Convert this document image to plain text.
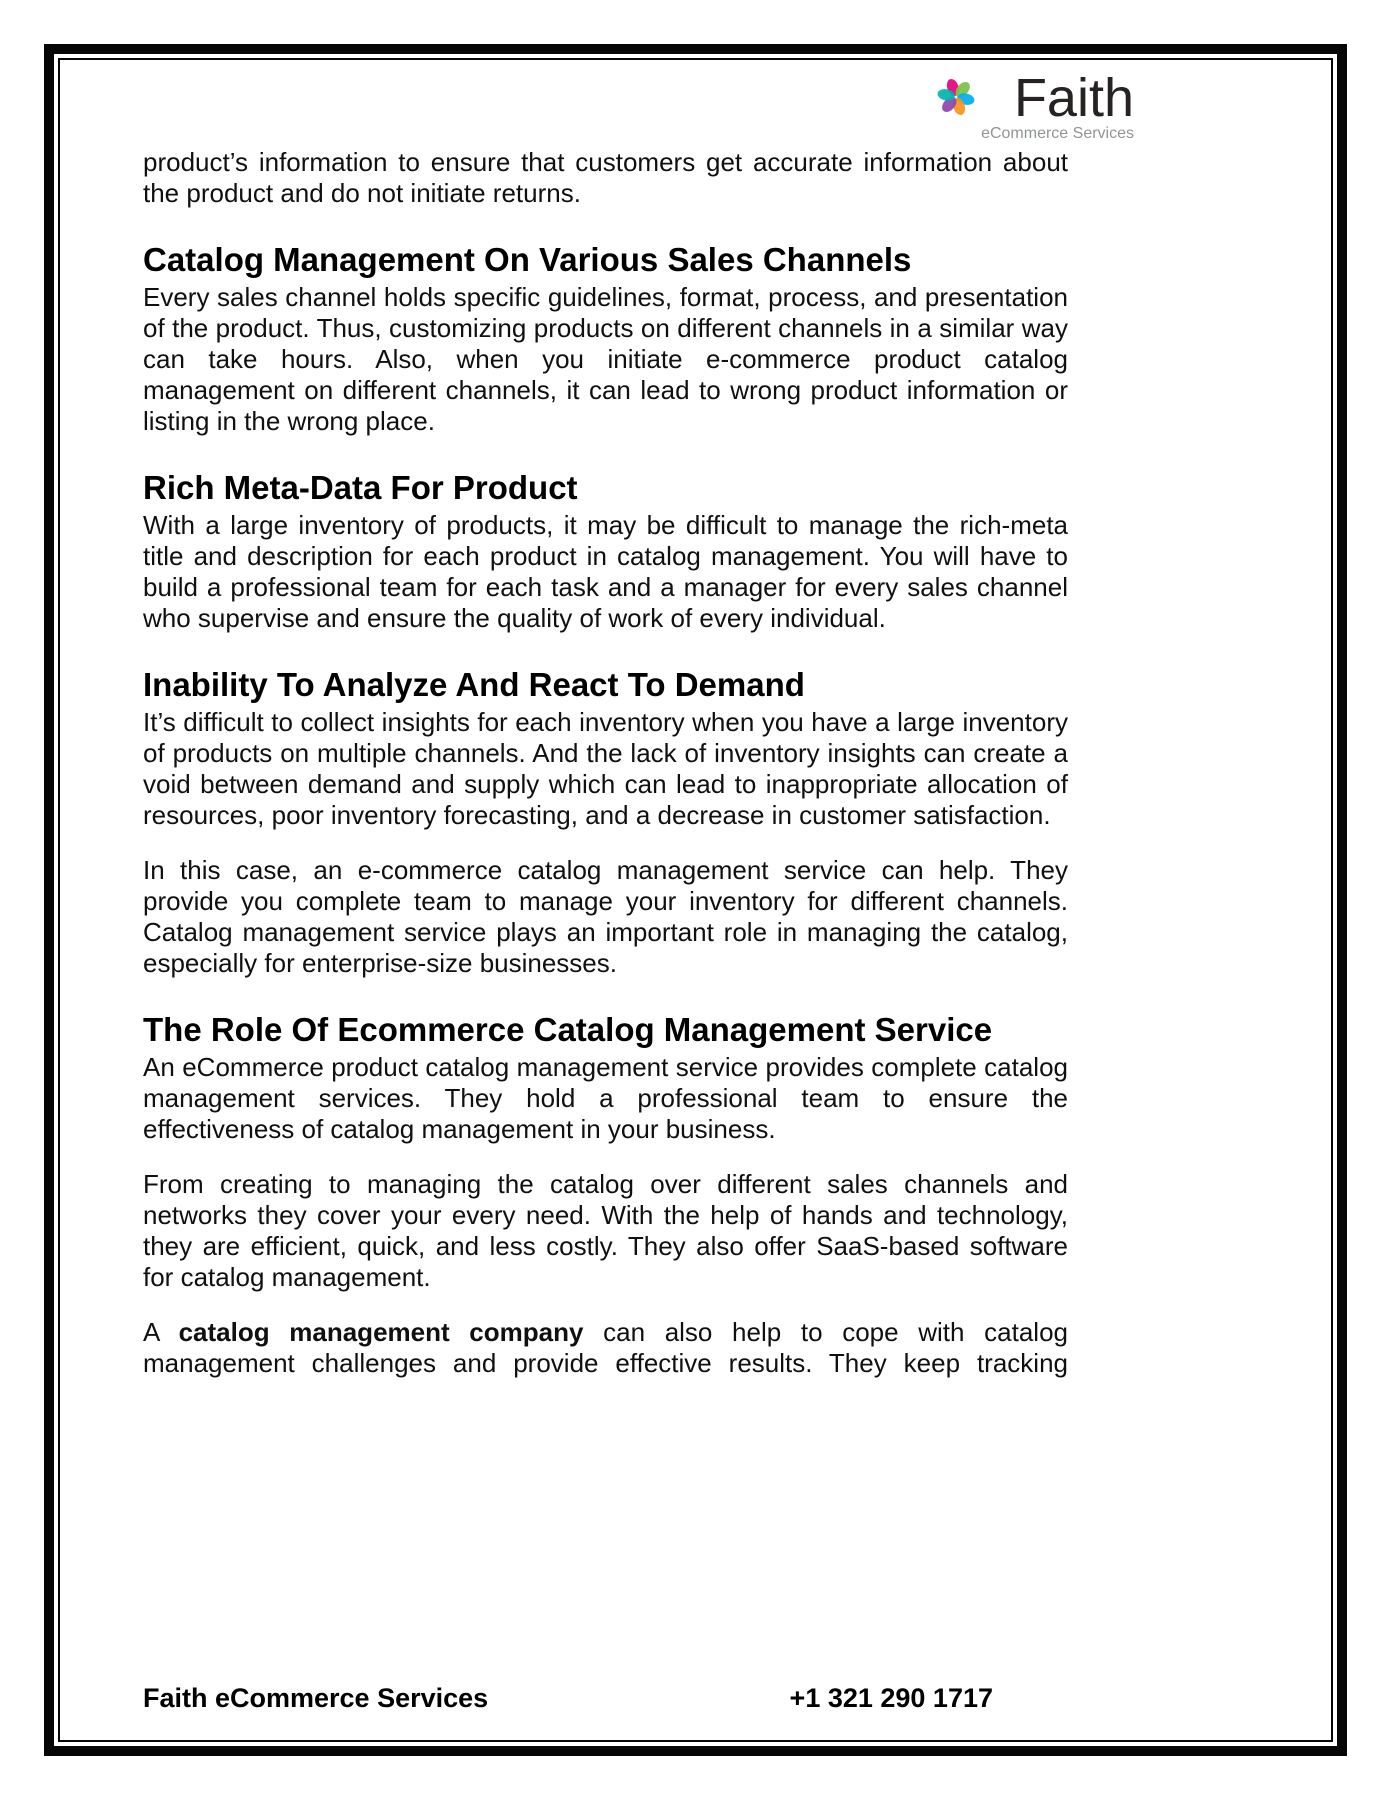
Faith
eCommerce Services

product’s information to ensure that customers get accurate information about the product and do not initiate returns.

Catalog Management On Various Sales Channels

Every sales channel holds specific guidelines, format, process, and presentation of the product. Thus, customizing products on different channels in a similar way can take hours. Also, when you initiate e-commerce product catalog management on different channels, it can lead to wrong product information or listing in the wrong place.

Rich Meta-Data For Product

With a large inventory of products, it may be difficult to manage the rich-meta title and description for each product in catalog management. You will have to build a professional team for each task and a manager for every sales channel who supervise and ensure the quality of work of every individual.

Inability To Analyze And React To Demand

It’s difficult to collect insights for each inventory when you have a large inventory of products on multiple channels. And the lack of inventory insights can create a void between demand and supply which can lead to inappropriate allocation of resources, poor inventory forecasting, and a decrease in customer satisfaction.

In this case, an e-commerce catalog management service can help. They provide you complete team to manage your inventory for different channels. Catalog management service plays an important role in managing the catalog, especially for enterprise-size businesses.

The Role Of Ecommerce Catalog Management Service

An eCommerce product catalog management service provides complete catalog management services. They hold a professional team to ensure the effectiveness of catalog management in your business.

From creating to managing the catalog over different sales channels and networks they cover your every need. With the help of hands and technology, they are efficient, quick, and less costly. They also offer SaaS-based software for catalog management.

A catalog management company can also help to cope with catalog management challenges and provide effective results. They keep tracking

Faith eCommerce Services	+1 321 290 1717
